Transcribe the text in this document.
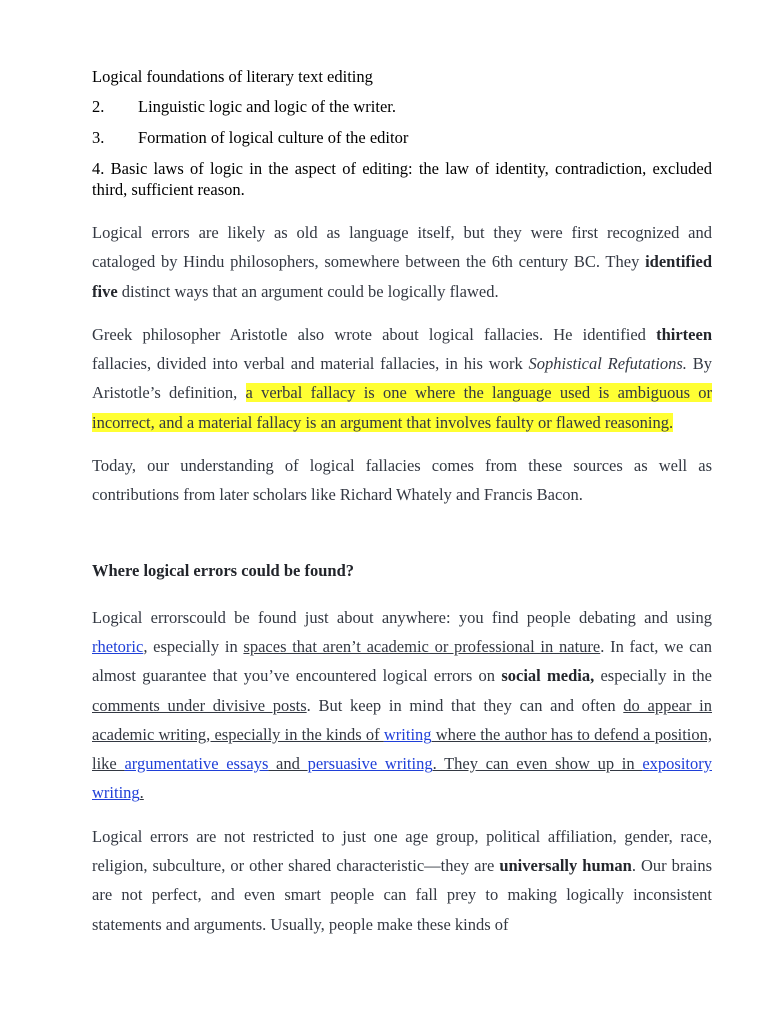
Logical foundations of literary text editing

2. Linguistic logic and logic of the writer.

3. Formation of logical culture of the editor

4. Basic laws of logic in the aspect of editing: the law of identity, contradiction, excluded third, sufficient reason.

Logical errors are likely as old as language itself, but they were first recognized and cataloged by Hindu philosophers, somewhere between the 6th century BC. They identified five distinct ways that an argument could be logically flawed.

Greek philosopher Aristotle also wrote about logical fallacies. He identified thirteen fallacies, divided into verbal and material fallacies, in his work Sophistical Refutations. By Aristotle’s definition, a verbal fallacy is one where the language used is ambiguous or incorrect, and a material fallacy is an argument that involves faulty or flawed reasoning.

Today, our understanding of logical fallacies comes from these sources as well as contributions from later scholars like Richard Whately and Francis Bacon.

Where logical errors could be found?

Logical errorscould be found just about anywhere: you find people debating and using rhetoric, especially in spaces that aren’t academic or professional in nature. In fact, we can almost guarantee that you’ve encountered logical errors on social media, especially in the comments under divisive posts. But keep in mind that they can and often do appear in academic writing, especially in the kinds of writing where the author has to defend a position, like argumentative essays and persuasive writing. They can even show up in expository writing.

Logical errors are not restricted to just one age group, political affiliation, gender, race, religion, subculture, or other shared characteristic—they are universally human. Our brains are not perfect, and even smart people can fall prey to making logically inconsistent statements and arguments. Usually, people make these kinds of
